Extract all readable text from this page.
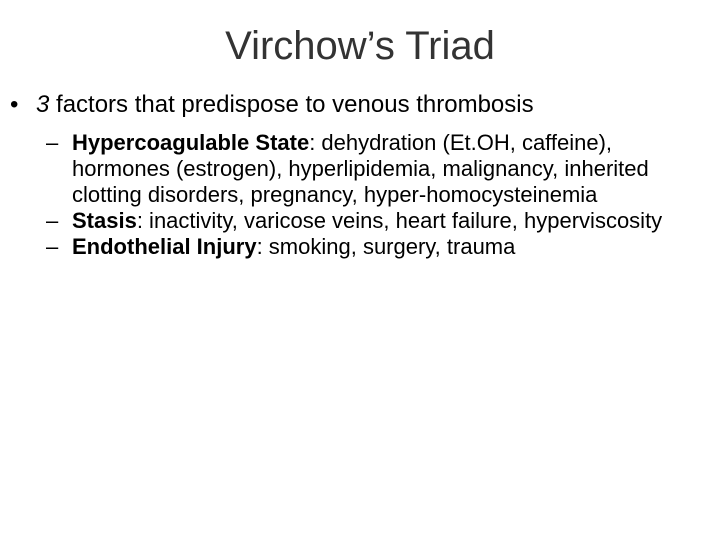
Virchow’s Triad
• 3 factors that predispose to venous thrombosis
– Hypercoagulable State: dehydration (Et.OH, caffeine), hormones (estrogen), hyperlipidemia, malignancy, inherited clotting disorders, pregnancy, hyper-homocysteinemia
– Stasis: inactivity, varicose veins, heart failure, hyperviscosity
– Endothelial Injury: smoking, surgery, trauma
